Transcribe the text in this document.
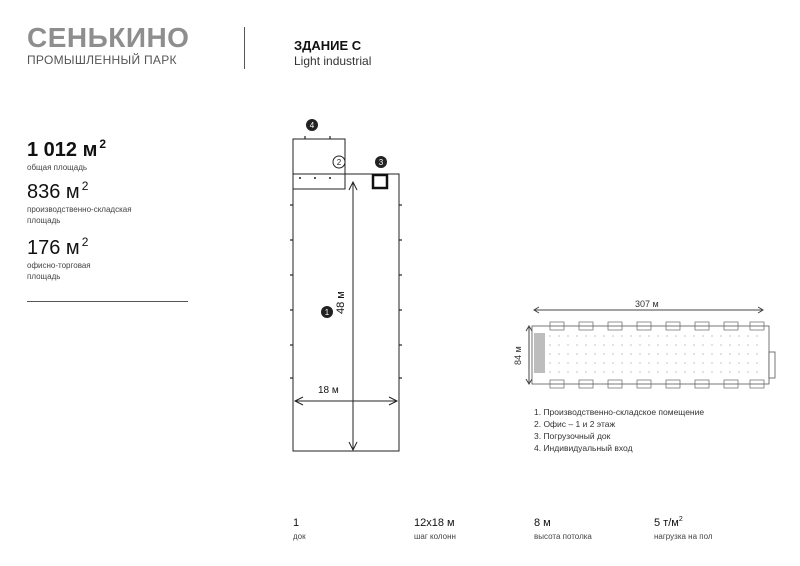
СЕНЬКИНО
ПРОМЫШЛЕННЫЙ ПАРК
ЗДАНИЕ С
Light industrial
1 012 м $^2$
общая площадь
836 м $^2$
производственно-складская площадь
176 м $^2$
офисно-торговая площадь
4
2	3
1 48 м
18 м
307 м
84 м
1. Производственно-складское помещение
2. Офис – 1 и 2 этаж
3. Погрузочный док
4. Индивидуальный вход
1
док
12x18 м
шаг колонн
8 м
высота потолка
5 $т/м^2$
нагрузка на пол
